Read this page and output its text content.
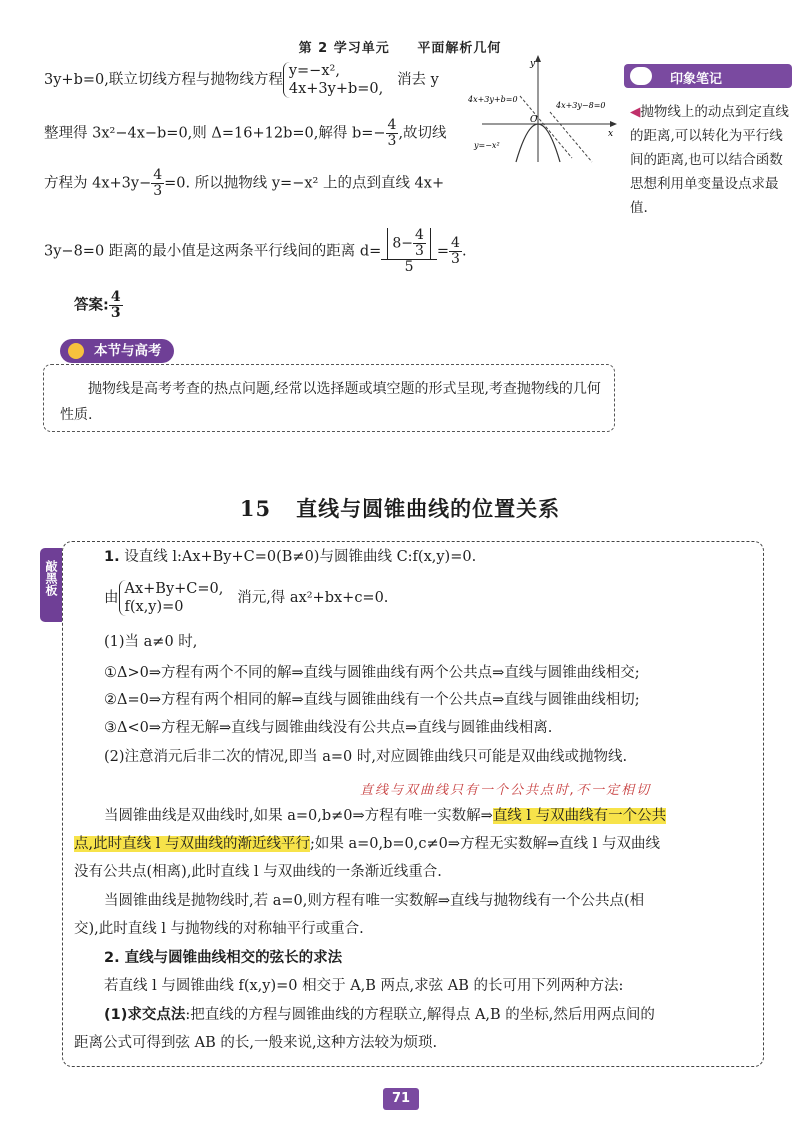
第 2 学习单元 平面解析几何
3y+b=0,联立切线方程与抛物线方程
y=−x²,
4x+3y+b=0,
消去 y
整理得 3x²−4x−b=0,则 Δ=16+12b=0,解得 $b=- \frac{4}{3}$ ,故切线
方程为 $4x+3y- \frac{4}{3} =0$. 所以抛物线 y=−x² 上的点到直线 4x+
3y−8=0 距离的最小值是这两条平行线间的距离 $d= \frac{8- \frac{4}{3}}{5} = \frac{4}{3}$ .
答案: $\frac{4}{3}$
y
x
O
4x+3y+b=0
4x+3y−8=0
y=−x²
印象笔记
◀抛物线上的动点到定直线的距离,可以转化为平行线间的距离,也可以结合函数思想利用单变量设点求最值.
本节与高考
抛物线是高考考查的热点问题,经常以选择题或填空题的形式呈现,考查抛物线的几何性质.
15 直线与圆锥曲线的位置关系
敲黑板
1. 设直线 l:Ax+By+C=0(B≠0)与圆锥曲线 C:f(x,y)=0.
由
Ax+By+C=0,
f(x,y)=0
消元,得 ax²+bx+c=0.
(1)当 a≠0 时,
①Δ>0⇒方程有两个不同的解⇒直线与圆锥曲线有两个公共点⇒直线与圆锥曲线相交;
②Δ=0⇒方程有两个相同的解⇒直线与圆锥曲线有一个公共点⇒直线与圆锥曲线相切;
③Δ<0⇒方程无解⇒直线与圆锥曲线没有公共点⇒直线与圆锥曲线相离.
(2)注意消元后非二次的情况,即当 a=0 时,对应圆锥曲线只可能是双曲线或抛物线.
直线与双曲线只有一个公共点时,不一定相切
当圆锥曲线是双曲线时,如果 a=0,b≠0⇒方程有唯一实数解⇒直线 l 与双曲线有一个公共
点,此时直线 l 与双曲线的渐近线平行;如果 a=0,b=0,c≠0⇒方程无实数解⇒直线 l 与双曲线
没有公共点(相离),此时直线 l 与双曲线的一条渐近线重合.
当圆锥曲线是抛物线时,若 a=0,则方程有唯一实数解⇒直线与抛物线有一个公共点(相
交),此时直线 l 与抛物线的对称轴平行或重合.
2. 直线与圆锥曲线相交的弦长的求法
若直线 l 与圆锥曲线 f(x,y)=0 相交于 A,B 两点,求弦 AB 的长可用下列两种方法:
(1)求交点法:把直线的方程与圆锥曲线的方程联立,解得点 A,B 的坐标,然后用两点间的
距离公式可得到弦 AB 的长,一般来说,这种方法较为烦琐.
71
